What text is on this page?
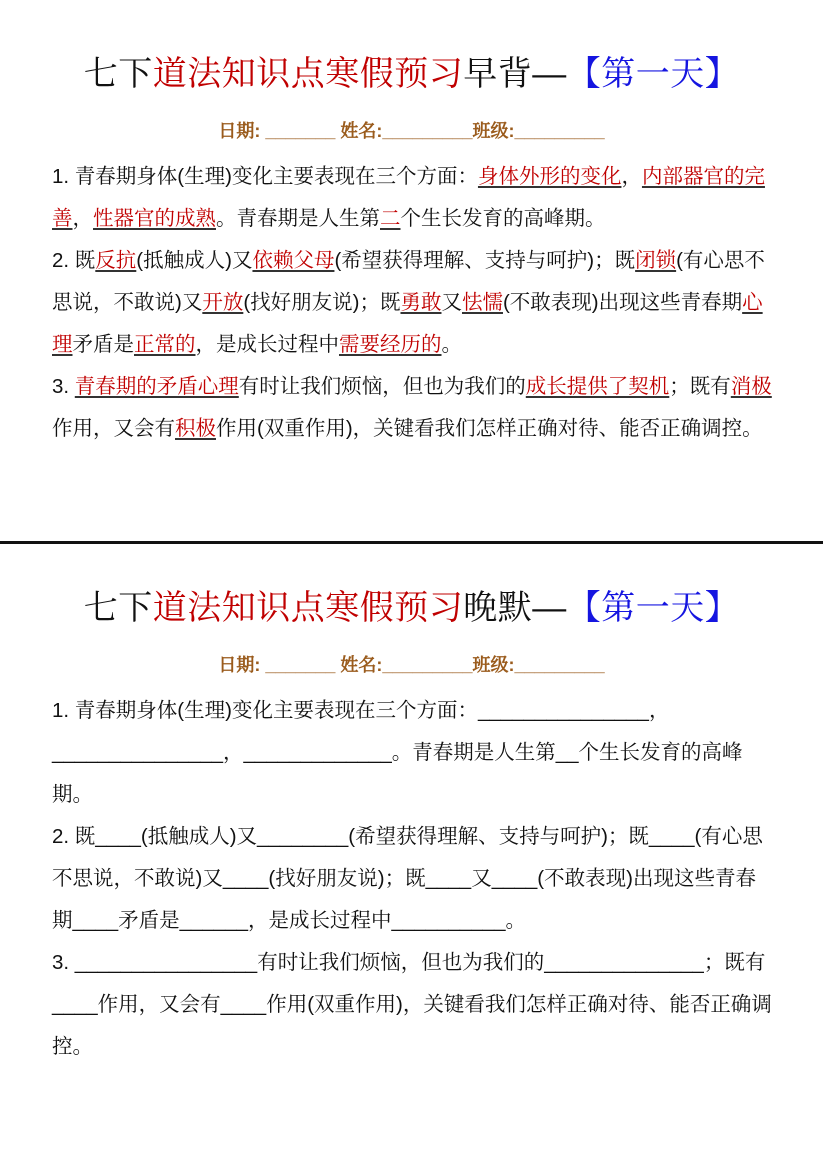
七下道法知识点寒假预习早背—【第一天】
日期: _______ 姓名:_________班级:_________

1. 青春期身体(生理)变化主要表现在三个方面：身体外形的变化，内部器官的完善，性器官的成熟。青春期是人生第二个生长发育的高峰期。

2. 既反抗(抵触成人)又依赖父母(希望获得理解、支持与呵护)；既闭锁(有心思不思说，不敢说)又开放(找好朋友说)；既勇敢又怯懦(不敢表现)出现这些青春期心理矛盾是正常的，是成长过程中需要经历的。

3. 青春期的矛盾心理有时让我们烦恼，但也为我们的成长提供了契机；既有消极作用，又会有积极作用(双重作用)，关键看我们怎样正确对待、能否正确调控。

七下道法知识点寒假预习晚默—【第一天】
日期: _______ 姓名:_________班级:_________

1. 青春期身体(生理)变化主要表现在三个方面：_______________，_______________，_____________。青春期是人生第__个生长发育的高峰期。

2. 既____(抵触成人)又________(希望获得理解、支持与呵护)；既____(有心思不思说，不敢说)又____(找好朋友说)；既____又____(不敢表现)出现这些青春期____矛盾是______，是成长过程中__________。

3. ________________有时让我们烦恼，但也为我们的______________；既有____作用，又会有____作用(双重作用)，关键看我们怎样正确对待、能否正确调控。
